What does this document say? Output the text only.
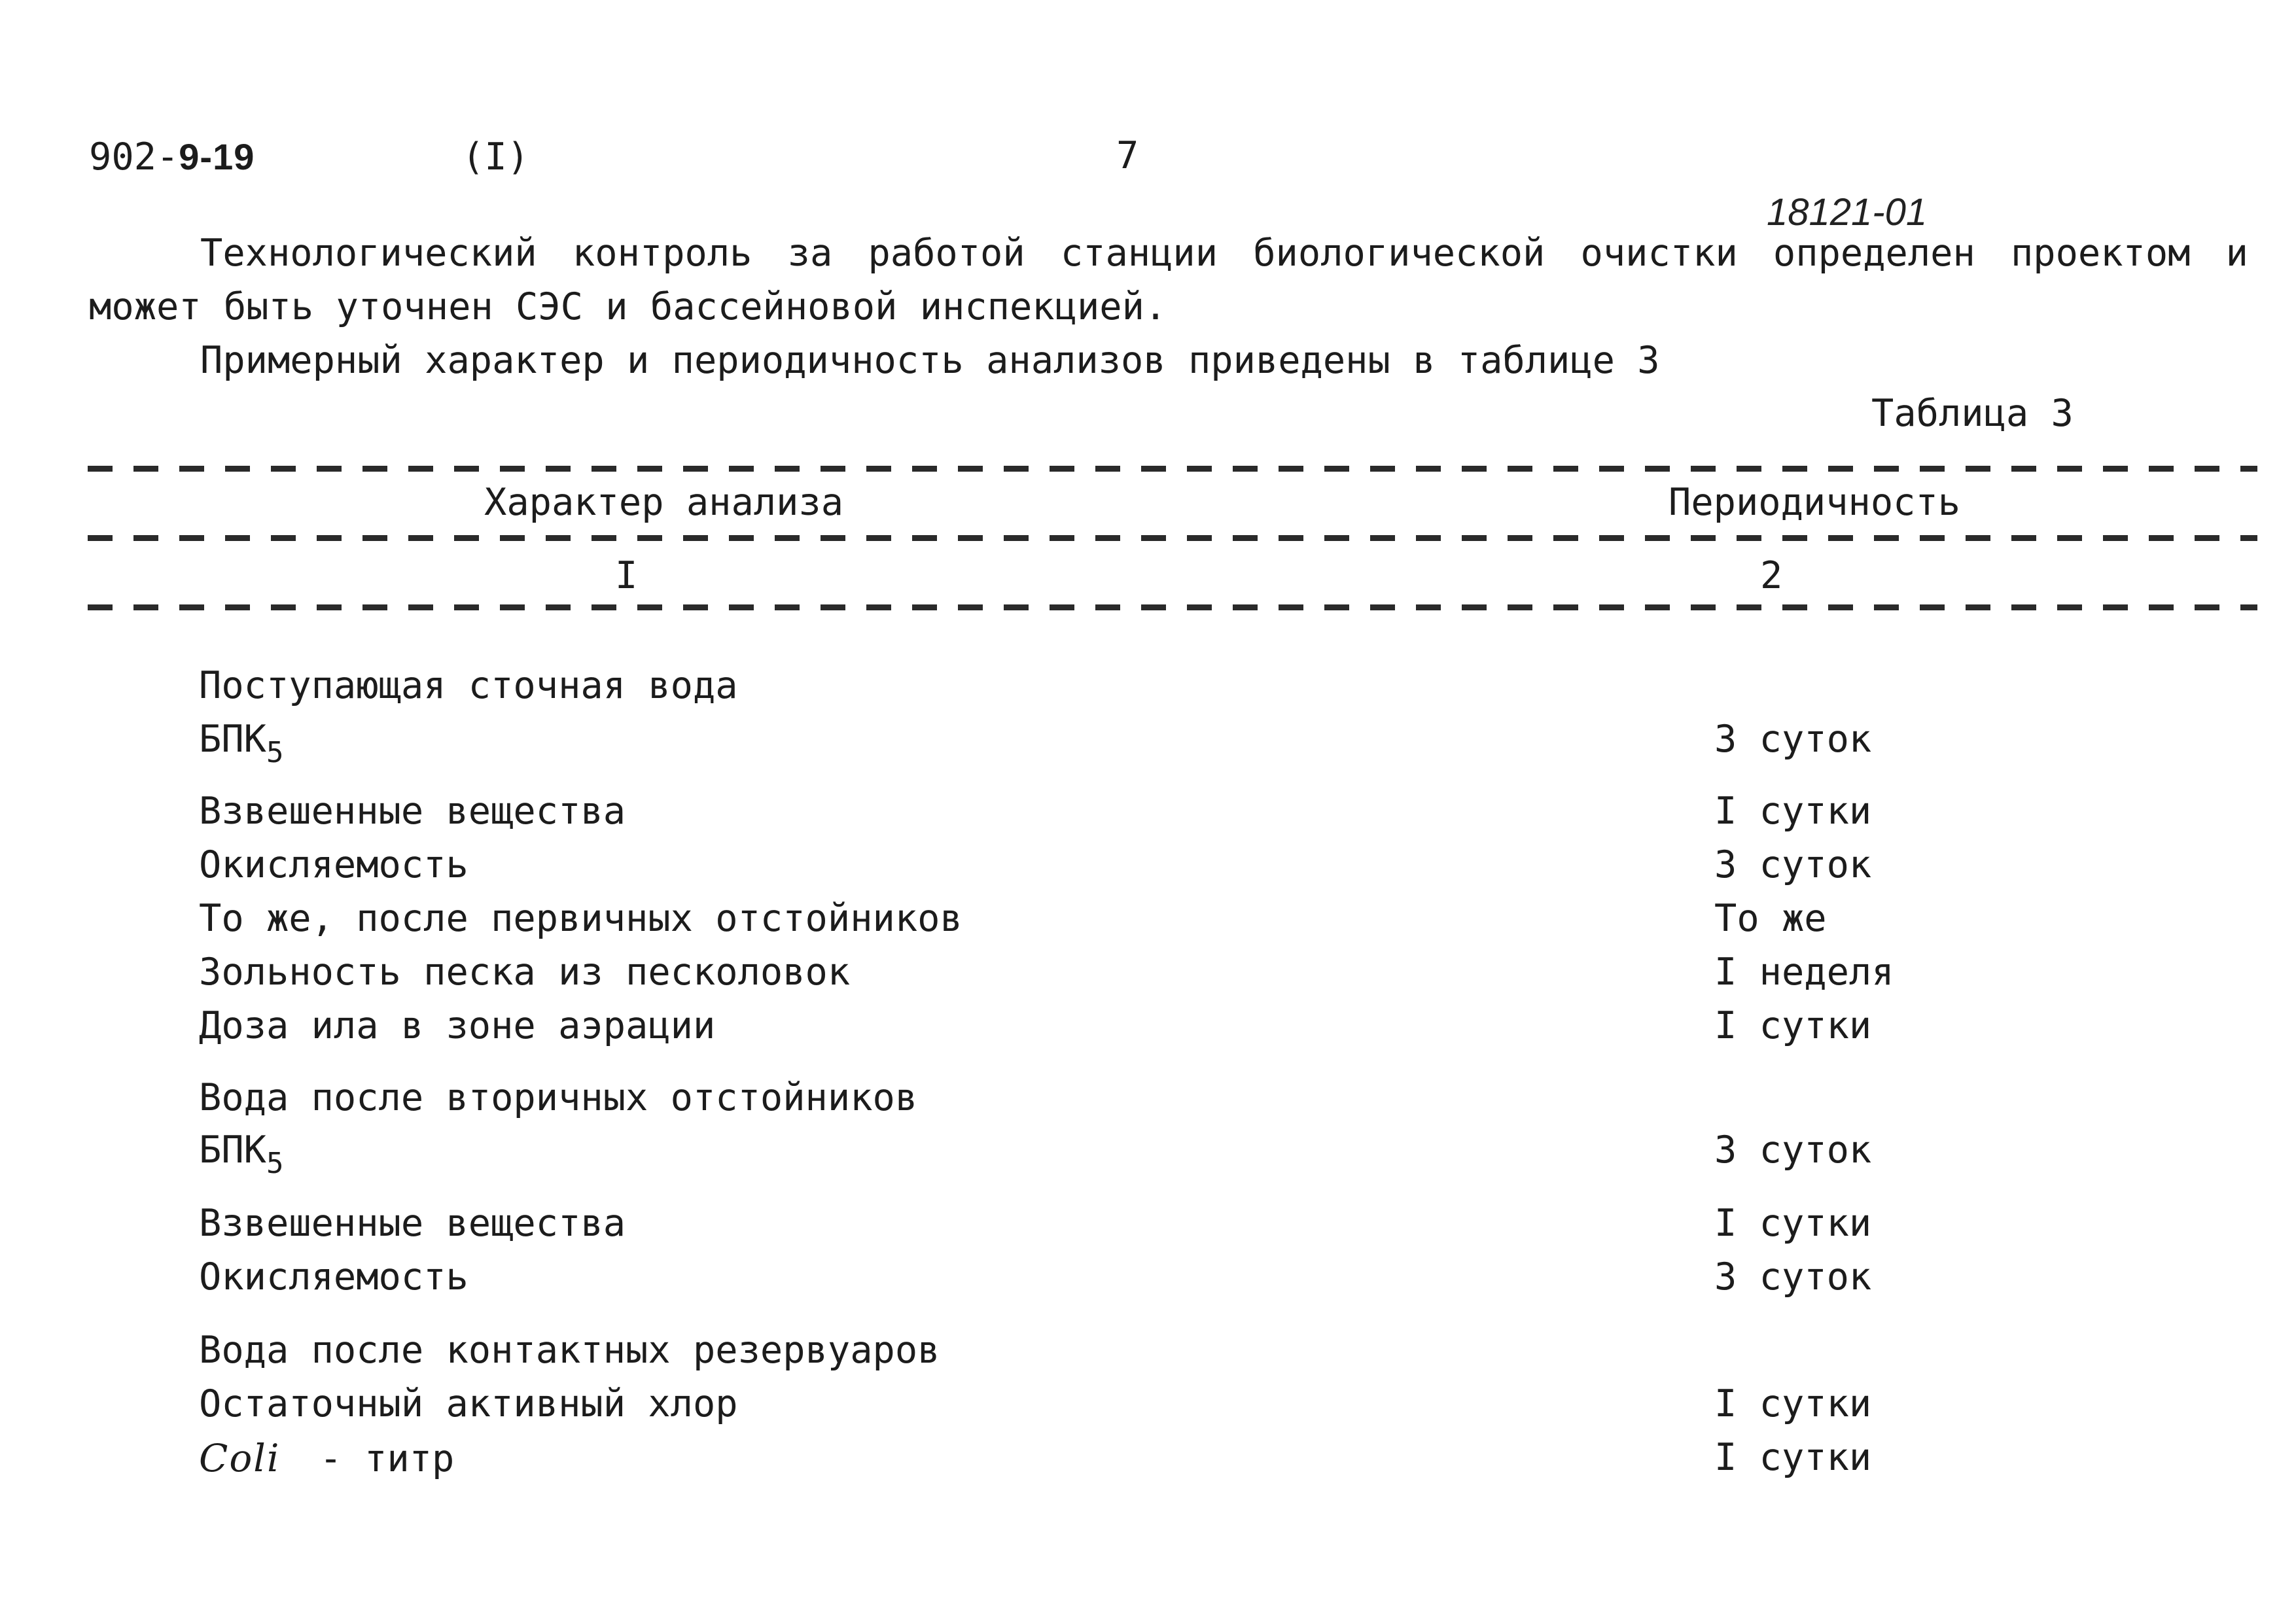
902-9-19	(I)	7
18121-01
Технологический контроль за работой станции биологической очистки определен проектом и может быть уточнен СЭС и бассейновой инспекцией.
Примерный характер и периодичность анализов приведены в таблице 3
Таблица 3
Характер анализа	Периодичность
I	2
Поступающая сточная вода
$БПК_5$	3 суток
Взвешенные вещества	I сутки
Окисляемость	3 суток
То же, после первичных отстойников	То же
Зольность песка из песколовок	I неделя
Доза ила в зоне аэрации	I сутки
Вода после вторичных отстойников
$БПК_5$	3 суток
Взвешенные вещества	I сутки
Окисляемость	3 суток
Вода после контактных резервуаров
Остаточный активный хлор	I сутки
Coli - титр	I сутки
